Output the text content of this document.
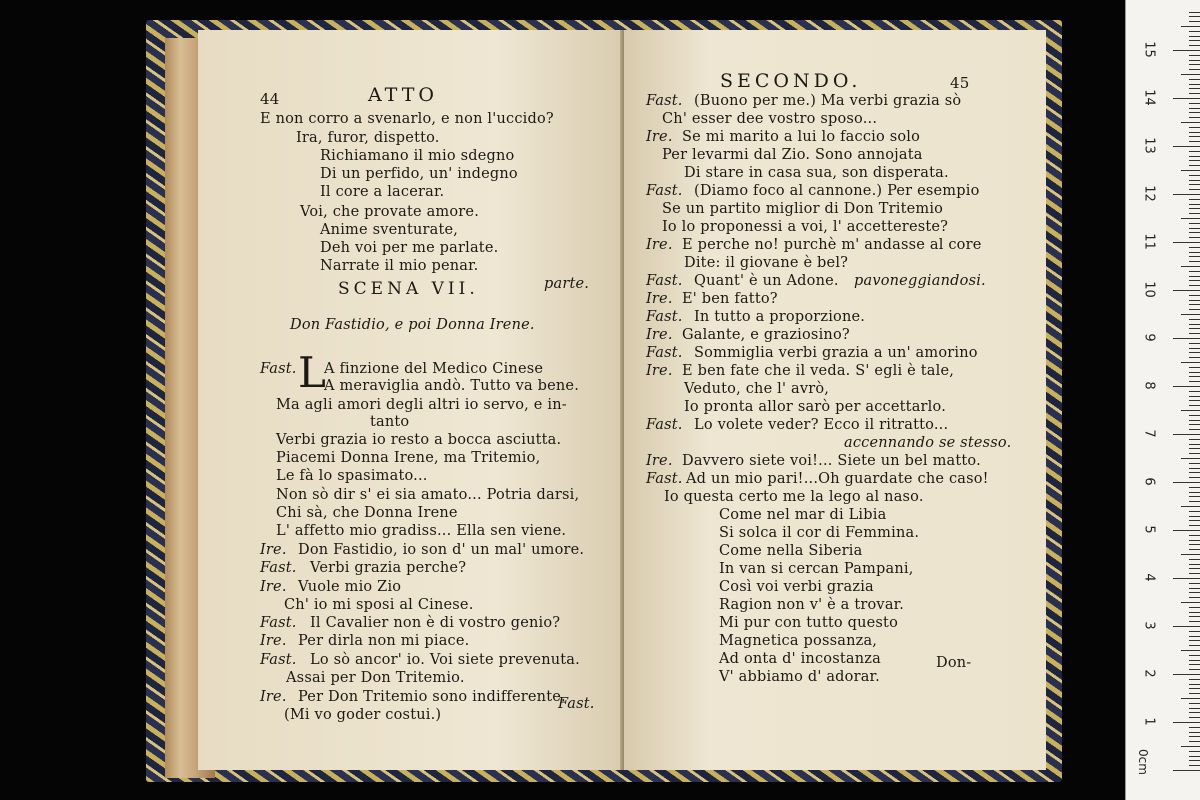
44	ATTO
parte.
SCENA VII.
Don Fastidio, e poi Donna Irene.
L
Fast.
E non corro a svenarlo, e non l'uccido?
Ira, furor, dispetto.
Richiamano il mio sdegno
Di un perfido, un' indegno
Il core a lacerar.
Voi, che provate amore.
Anime sventurate,
Deh voi per me parlate.
Narrate il mio penar.
Fast. A finzione del Medico Cinese
A meraviglia andò. Tutto va bene.
Ma agli amori degli altri io servo, e in-
tanto
Verbi grazia io resto a bocca asciutta.
Piacemi Donna Irene, ma Tritemio,
Le fà lo spasimato...
Non sò dir s' ei sia amato... Potria darsi,
Chi sà, che Donna Irene
L' affetto mio gradiss... Ella sen viene.
Ire. Don Fastidio, io son d' un mal' umore.
Fast. Verbi grazia perche?
Ire. Vuole mio Zio
Ch' io mi sposi al Cinese.
Fast. Il Cavalier non è di vostro genio?
Ire. Per dirla non mi piace.
Fast. Lo sò ancor' io. Voi siete prevenuta.
Assai per Don Tritemio.
Ire. Per Don Tritemio sono indifferente.
(Mi vo goder costui.)
SECONDO.	45
Don-
Fast. (Buono per me.) Ma verbi grazia sò
Ch' esser dee vostro sposo...
Ire. Se mi marito a lui lo faccio solo
Per levarmi dal Zio. Sono annojata
Di stare in casa sua, son disperata.
Fast. (Diamo foco al cannone.) Per esempio
Se un partito miglior di Don Tritemio
Io lo proponessi a voi, l' accettereste?
Ire. E perche no! purchè m' andasse al core
Dite: il giovane è bel?
Fast. Quant' è un Adone. pavoneggiandosi.
Ire. E' ben fatto?
Fast. In tutto a proporzione.
Ire. Galante, e graziosino?
Fast. Sommiglia verbi grazia a un' amorino
Ire. E ben fate che il veda. S' egli è tale,
Veduto, che l' avrò,
Io pronta allor sarò per accettarlo.
Fast. Lo volete veder? Ecco il ritratto...
accennando se stesso.
Ire. Davvero siete voi!... Siete un bel matto.
Fast. Ad un mio pari!...Oh guardate che caso!
Io questa certo me la lego al naso.
Come nel mar di Libia
Si solca il cor di Femmina.
Come nella Siberia
In van si cercan Pampani,
Così voi verbi grazia
Ragion non v' è a trovar.
Mi pur con tutto questo
Magnetica possanza,
Ad onta d' incostanza
V' abbiamo d' adorar.
0cm
1
2
3
4
5
6
7
8
9
10
11
12
13
14
15
